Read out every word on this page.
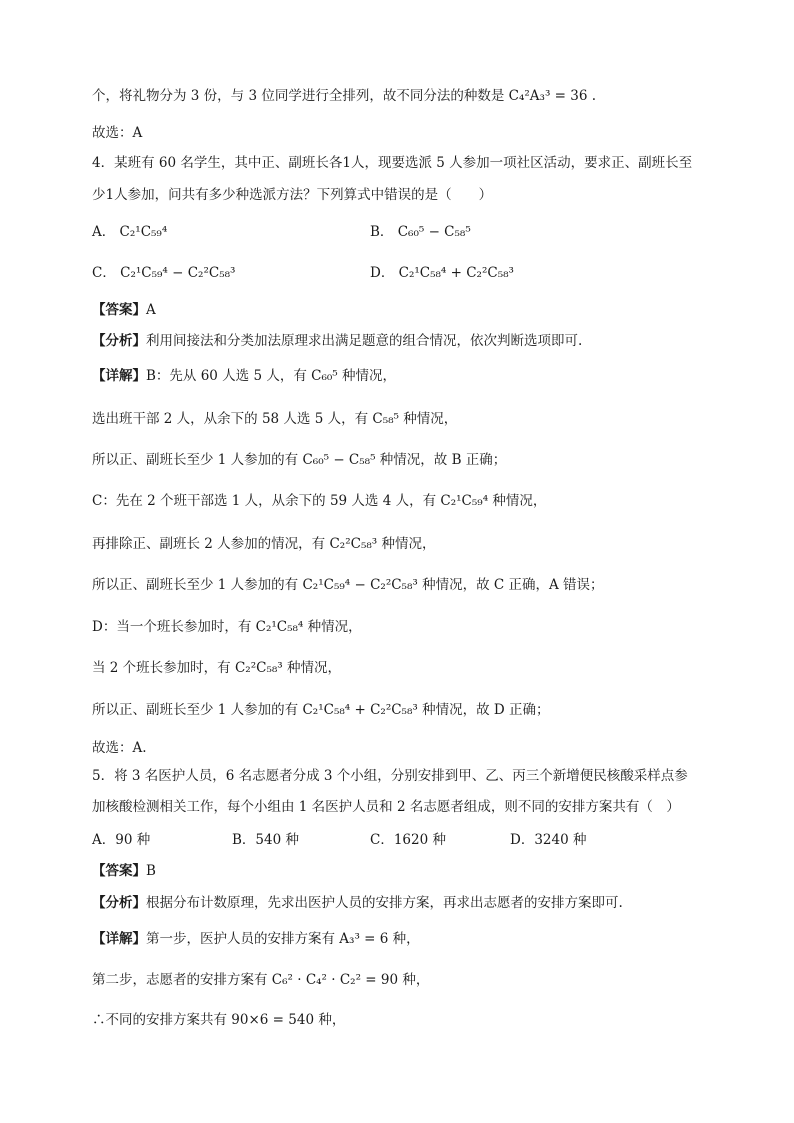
个，将礼物分为 3 份，与 3 位同学进行全排列，故不同分法的种数是 C₄²A₃³ = 36 .
故选：A
4．某班有 60 名学生，其中正、副班长各1人，现要选派 5 人参加一项社区活动，要求正、副班长至
少1人参加，问共有多少种选派方法？下列算式中错误的是（　　）
A． C₂¹C₅₉⁴	B． C₆₀⁵ − C₅₈⁵
C． C₂¹C₅₉⁴ − C₂²C₅₈³	D． C₂¹C₅₈⁴ + C₂²C₅₈³
【答案】A
【分析】利用间接法和分类加法原理求出满足题意的组合情况，依次判断选项即可.
【详解】B：先从 60 人选 5 人，有 C₆₀⁵ 种情况，
选出班干部 2 人，从余下的 58 人选 5 人，有 C₅₈⁵ 种情况，
所以正、副班长至少 1 人参加的有 C₆₀⁵ − C₅₈⁵ 种情况，故 B 正确；
C：先在 2 个班干部选 1 人，从余下的 59 人选 4 人，有 C₂¹C₅₉⁴ 种情况，
再排除正、副班长 2 人参加的情况，有 C₂²C₅₈³ 种情况，
所以正、副班长至少 1 人参加的有 C₂¹C₅₉⁴ − C₂²C₅₈³ 种情况，故 C 正确，A 错误；
D：当一个班长参加时，有 C₂¹C₅₈⁴ 种情况，
当 2 个班长参加时，有 C₂²C₅₈³ 种情况，
所以正、副班长至少 1 人参加的有 C₂¹C₅₈⁴ + C₂²C₅₈³ 种情况，故 D 正确；
故选：A.
5．将 3 名医护人员，6 名志愿者分成 3 个小组，分别安排到甲、乙、丙三个新增便民核酸采样点参
加核酸检测相关工作，每个小组由 1 名医护人员和 2 名志愿者组成，则不同的安排方案共有（　）
A．90 种	B．540 种	C．1620 种	D．3240 种
【答案】B
【分析】根据分布计数原理，先求出医护人员的安排方案，再求出志愿者的安排方案即可.
【详解】第一步，医护人员的安排方案有 A₃³ = 6 种，
第二步，志愿者的安排方案有 C₆² · C₄² · C₂² = 90 种，
∴不同的安排方案共有 90×6 = 540 种，
